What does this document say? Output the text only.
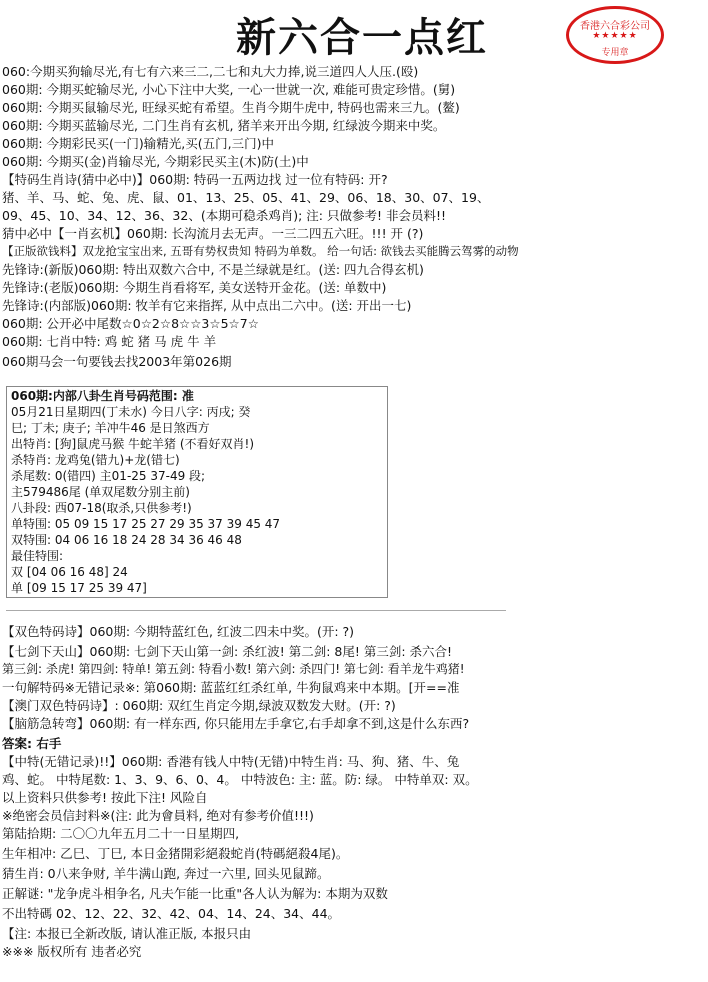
新六合一点红	香港六合彩公司
★★★★★
专用章
060:今期买狗输尽光,有七有六来三二,二七和丸大力捧,说三道四人人压.(殴)
060期: 今期买蛇输尽光, 小心下注中大奖, 一心一世就一次, 难能可贵定珍惜。(舅)
060期: 今期买鼠输尽光, 旺绿买蛇有希望。生肖今期牛虎中, 特码也需来三九。(鳌)
060期: 今期买蓝输尽光, 二门生肖有玄机, 猪羊来开出今期, 红绿波今期来中奖。
060期: 今期彩民买(一门)输精光,买(五门,三门)中
060期: 今期买(金)肖输尽光, 今期彩民买主(木)防(土)中
【特码生肖诗(猜中必中)】060期: 特码一五两边找 过一位有特码: 开?
猪、羊、马、蛇、兔、虎、鼠、01、13、25、05、41、29、06、18、30、07、19、
09、45、10、34、12、36、32、(本期可稳杀鸡肖); 注: 只做参考! 非会员料!!
猜中必中【一肖玄机】060期: 长沟流月去无声。一三二四五六旺。!!! 开 (?)
【正版欲钱料】双龙抢宝宝出来, 五哥有势权贵知 特码为单数。 给一句话: 欲钱去买能腾云驾雾的动物
先锋诗:(新版)060期: 特出双数六合中, 不是兰绿就是红。(送: 四九合得玄机)
先锋诗:(老版)060期: 今期生肖看将军, 美女送特开金花。(送: 单数中)
先锋诗:(内部版)060期: 牧羊有它来指挥, 从中点出二六中。(送: 开出一七)
060期: 公开必中尾数☆0☆2☆8☆☆3☆5☆7☆
060期: 七肖中特: 鸡 蛇 猪 马 虎 牛 羊
060期马会一句要钱去找2003年第026期
060期:内部八卦生肖号码范围: 准
05月21日星期四(丁未水) 今日八字: 丙戌; 癸
巳; 丁未; 庚子; 羊冲牛46 是日煞西方
出特肖: [狗]鼠虎马猴 牛蛇羊猪 (不看好双肖!)
杀特肖: 龙鸡兔(错九)+龙(错七)
杀尾数: 0(错四) 主01-25 37-49 段;
主579486尾 (单双尾数分别主前)
八卦段: 西07-18(取杀,只供参考!)
单特围: 05 09 15 17 25 27 29 35 37 39 45 47
双特围: 04 06 16 18 24 28 34 36 46 48
最佳特围:
双 [04 06 16 48] 24
单 [09 15 17 25 39 47]
【双色特码诗】060期: 今期特蓝红色, 红波二四未中奖。(开: ?)
【七剑下天山】060期: 七剑下天山第一剑: 杀红波! 第二剑: 8尾! 第三剑: 杀六合!
第三剑: 杀虎! 第四剑: 特单! 第五剑: 特看小数! 第六剑: 杀四门! 第七剑: 看羊龙牛鸡猪!
一句解特码※无错记录※: 第060期: 蓝蓝红红杀红单, 牛狗鼠鸡来中本期。[开==准
【澳门双色特码诗】: 060期: 双红生肖定今期,绿波双数发大财。(开: ?)
【脑筋急转弯】060期: 有一样东西, 你只能用左手拿它,右手却拿不到,这是什么东西?
答案: 右手
【中特(无错记录)!!】060期: 香港有钱人中特(无错)中特生肖: 马、狗、猪、牛、兔
鸡、蛇。 中特尾数: 1、3、9、6、0、4。 中特波色: 主: 蓝。防: 绿。 中特单双: 双。
以上资料只供参考! 按此下注! 风险自
※绝密会员信封料※(注: 此为會員料, 绝对有参考价值!!!)
第陆拾期: 二〇〇九年五月二十一日星期四,
生年相冲: 乙巳、丁巳, 本日金猪開彩絕殺蛇肖(特碼絕殺4尾)。
猜生肖: 0八来争财, 羊牛满山跑, 奔过一六里, 回头见鼠蹄。
正解谜: "龙争虎斗相争名, 凡夫乍能一比重"各人认为解为: 本期为双数
不出特碼 02、12、22、32、42、04、14、24、34、44。
【注: 本报已全新改版, 请认准正版, 本报只由
※※※ 版权所有 违者必究
